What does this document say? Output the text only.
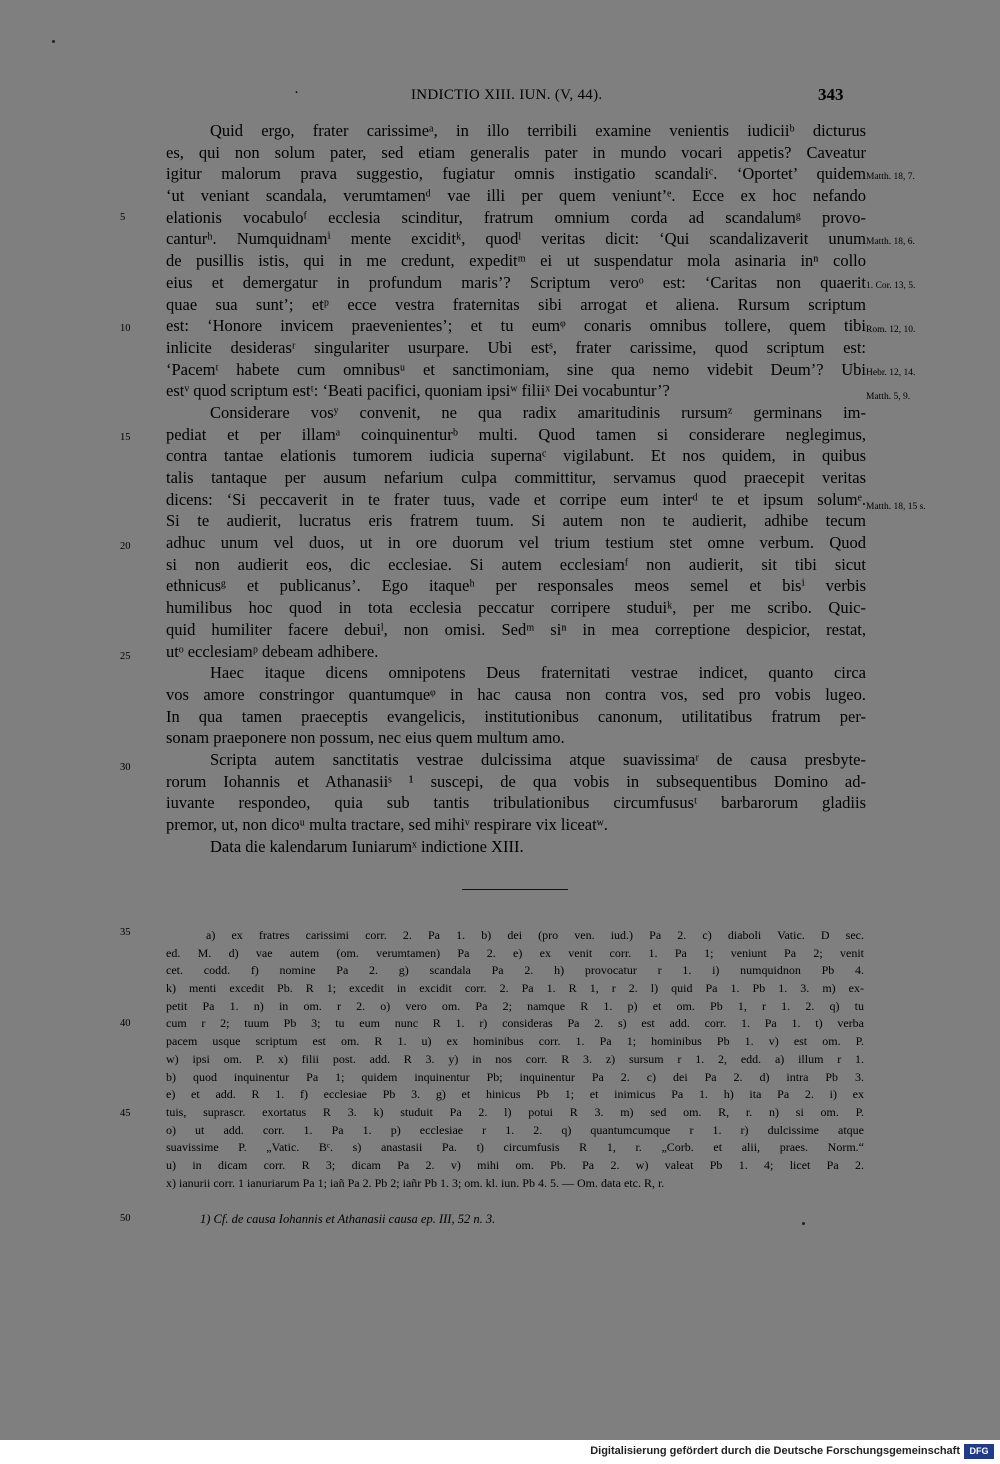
·	INDICTIO XIII. IUN. (V, 44).	343
Quid ergo, frater carissimeᵃ, in illo terribili examine venientis iudiciiᵇ dicturus
es, qui non solum pater, sed etiam generalis pater in mundo vocari appetis? Caveatur
igitur malorum prava suggestio, fugiatur omnis instigatio scandaliᶜ. ‘Oportet’ quidem
‘ut veniant scandala, verumtamenᵈ vae illi per quem veniunt’ᵉ. Ecce ex hoc nefando
elationis vocabuloᶠ ecclesia scinditur, fratrum omnium corda ad scandalumᵍ provo-
canturʰ. Numquidnamⁱ mente exciditᵏ, quodˡ veritas dicit: ‘Qui scandalizaverit unum
de pusillis istis, qui in me credunt, expeditᵐ ei ut suspendatur mola asinaria inⁿ collo
eius et demergatur in profundum maris’? Scriptum veroᵒ est: ‘Caritas non quaerit
quae sua sunt’; etᵖ ecce vestra fraternitas sibi arrogat et aliena. Rursum scriptum
est: ‘Honore invicem praevenientes’; et tu eumᵠ conaris omnibus tollere, quem tibi
inlicite desiderasʳ singulariter usurpare. Ubi estˢ, frater carissime, quod scriptum est:
‘Pacemᵗ habete cum omnibusᵘ et sanctimoniam, sine qua nemo videbit Deum’? Ubi
estᵛ quod scriptum estᵗ: ‘Beati pacifici, quoniam ipsiʷ filiiˣ Dei vocabuntur’?
Considerare vosʸ convenit, ne qua radix amaritudinis rursumᶻ germinans im-
pediat et per illamᵃ coinquinenturᵇ multi. Quod tamen si considerare neglegimus,
contra tantae elationis tumorem iudicia supernaᶜ vigilabunt. Et nos quidem, in quibus
talis tantaque per ausum nefarium culpa committitur, servamus quod praecepit veritas
dicens: ‘Si peccaverit in te frater tuus, vade et corripe eum interᵈ te et ipsum solumᵉ.
Si te audierit, lucratus eris fratrem tuum. Si autem non te audierit, adhibe tecum
adhuc unum vel duos, ut in ore duorum vel trium testium stet omne verbum. Quod
si non audierit eos, dic ecclesiae. Si autem ecclesiamᶠ non audierit, sit tibi sicut
ethnicusᵍ et publicanus’. Ego itaqueʰ per responsales meos semel et bisⁱ verbis
humilibus hoc quod in tota ecclesia peccatur corripere studuiᵏ, per me scribo. Quic-
quid humiliter facere debuiˡ, non omisi. Sedᵐ siⁿ in mea correptione despicior, restat,
utᵒ ecclesiamᵖ debeam adhibere.
Haec itaque dicens omnipotens Deus fraternitati vestrae indicet, quanto circa
vos amore constringor quantumqueᵠ in hac causa non contra vos, sed pro vobis lugeo.
In qua tamen praeceptis evangelicis, institutionibus canonum, utilitatibus fratrum per-
sonam praeponere non possum, nec eius quem multum amo.
Scripta autem sanctitatis vestrae dulcissima atque suavissimaʳ de causa presbyte-
rorum Iohannis et Athanasiiˢ ¹ suscepi, de qua vobis in subsequentibus Domino ad-
iuvante respondeo, quia sub tantis tribulationibus circumfususᵗ barbarorum gladiis
premor, ut, non dicoᵘ multa tractare, sed mihiᵛ respirare vix liceatʷ.
Data die kalendarum Iuniarumˣ indictione XIII.
5
10
15
20
25
30
35
40
45
50
Matth. 18, 7.
Matth. 18, 6.
1. Cor. 13, 5.
Rom. 12, 10.
Hebr. 12, 14.
Matth. 5, 9.
Matth. 18, 15 s.
a) ex fratres carissimi corr. 2. Pa 1. b) dei (pro ven. iud.) Pa 2. c) diaboli Vatic. D sec.
ed. M. d) vae autem (om. verumtamen) Pa 2. e) ex venit corr. 1. Pa 1; veniunt Pa 2; venit
cet. codd. f) nomine Pa 2. g) scandala Pa 2. h) provocatur r 1. i) numquidnon Pb 4.
k) menti excedit Pb. R 1; excedit in excidit corr. 2. Pa 1. R 1, r 2. l) quid Pa 1. Pb 1. 3. m) ex-
petit Pa 1. n) in om. r 2. o) vero om. Pa 2; namque R 1. p) et om. Pb 1, r 1. 2. q) tu
cum r 2; tuum Pb 3; tu eum nunc R 1. r) consideras Pa 2. s) est add. corr. 1. Pa 1. t) verba
pacem usque scriptum est om. R 1. u) ex hominibus corr. 1. Pa 1; hominibus Pb 1. v) est om. P.
w) ipsi om. P. x) filii post. add. R 3. y) in nos corr. R 3. z) sursum r 1. 2, edd. a) illum r 1.
b) quod inquinentur Pa 1; quidem inquinentur Pb; inquinentur Pa 2. c) dei Pa 2. d) intra Pb 3.
e) et add. R 1. f) ecclesiae Pb 3. g) et hinicus Pb 1; et inimicus Pa 1. h) ita Pa 2. i) ex
tuis, suprascr. exortatus R 3. k) studuit Pa 2. l) potui R 3. m) sed om. R, r. n) si om. P.
o) ut add. corr. 1. Pa 1. p) ecclesiae r 1. 2. q) quantumcumque r 1. r) dulcissime atque
suavissime P. „Vatic. Bᶜ. s) anastasii Pa. t) circumfusis R 1, r. „Corb. et alii, praes. Norm.“
u) in dicam corr. R 3; dicam Pa 2. v) mihi om. Pb. Pa 2. w) valeat Pb 1. 4; licet Pa 2.
x) ianurii corr. 1 ianuriarum Pa 1; iañ Pa 2. Pb 2; iañr Pb 1. 3; om. kl. iun. Pb 4. 5. — Om. data etc. R, r.
1) Cf. de causa Iohannis et Athanasii causa ep. III, 52 n. 3.
Digitalisierung gefördert durch die Deutsche Forschungsgemeinschaft	DFG
